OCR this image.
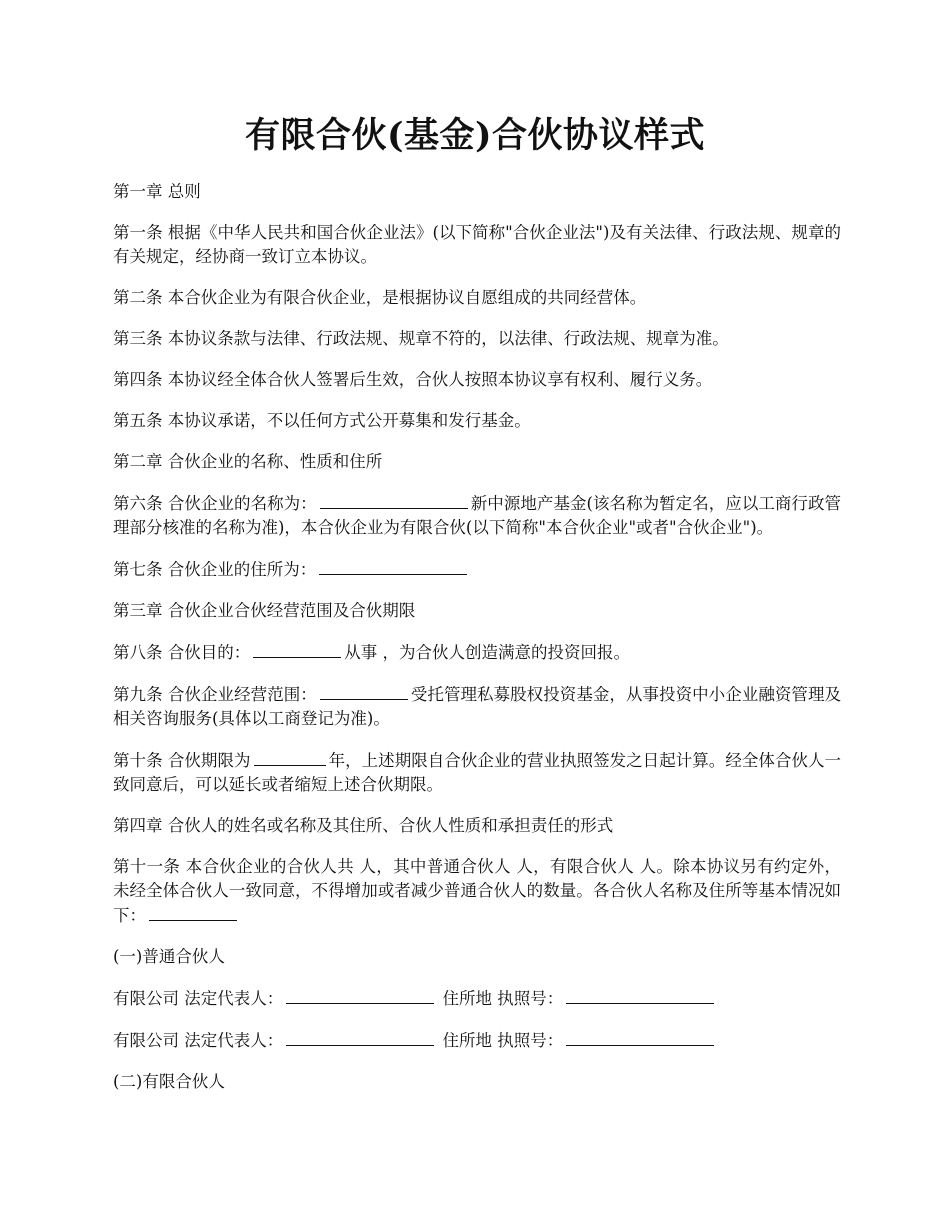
有限合伙(基金)合伙协议样式

第一章 总则

第一条 根据《中华人民共和国合伙企业法》(以下简称"合伙企业法")及有关法律、行政法规、规章的有关规定，经协商一致订立本协议。

第二条 本合伙企业为有限合伙企业，是根据协议自愿组成的共同经营体。

第三条 本协议条款与法律、行政法规、规章不符的，以法律、行政法规、规章为准。

第四条 本协议经全体合伙人签署后生效，合伙人按照本协议享有权利、履行义务。

第五条 本协议承诺，不以任何方式公开募集和发行基金。

第二章 合伙企业的名称、性质和住所

第六条 合伙企业的名称为：	新中源地产基金(该名称为暂定名，应以工商行政管理部分核准的名称为准)，本合伙企业为有限合伙(以下简称"本合伙企业"或者"合伙企业")。

第七条 合伙企业的住所为：

第三章 合伙企业合伙经营范围及合伙期限

第八条 合伙目的：	从事 ，为合伙人创造满意的投资回报。

第九条 合伙企业经营范围：	受托管理私募股权投资基金，从事投资中小企业融资管理及相关咨询服务(具体以工商登记为准)。

第十条 合伙期限为	年，上述期限自合伙企业的营业执照签发之日起计算。经全体合伙人一致同意后，可以延长或者缩短上述合伙期限。

第四章 合伙人的姓名或名称及其住所、合伙人性质和承担责任的形式

第十一条 本合伙企业的合伙人共 人，其中普通合伙人 人，有限合伙人 人。除本协议另有约定外，未经全体合伙人一致同意，不得增加或者减少普通合伙人的数量。各合伙人名称及住所等基本情况如下：

(一)普通合伙人

有限公司 法定代表人：	住所地 执照号：

有限公司 法定代表人：	住所地 执照号：

(二)有限合伙人
